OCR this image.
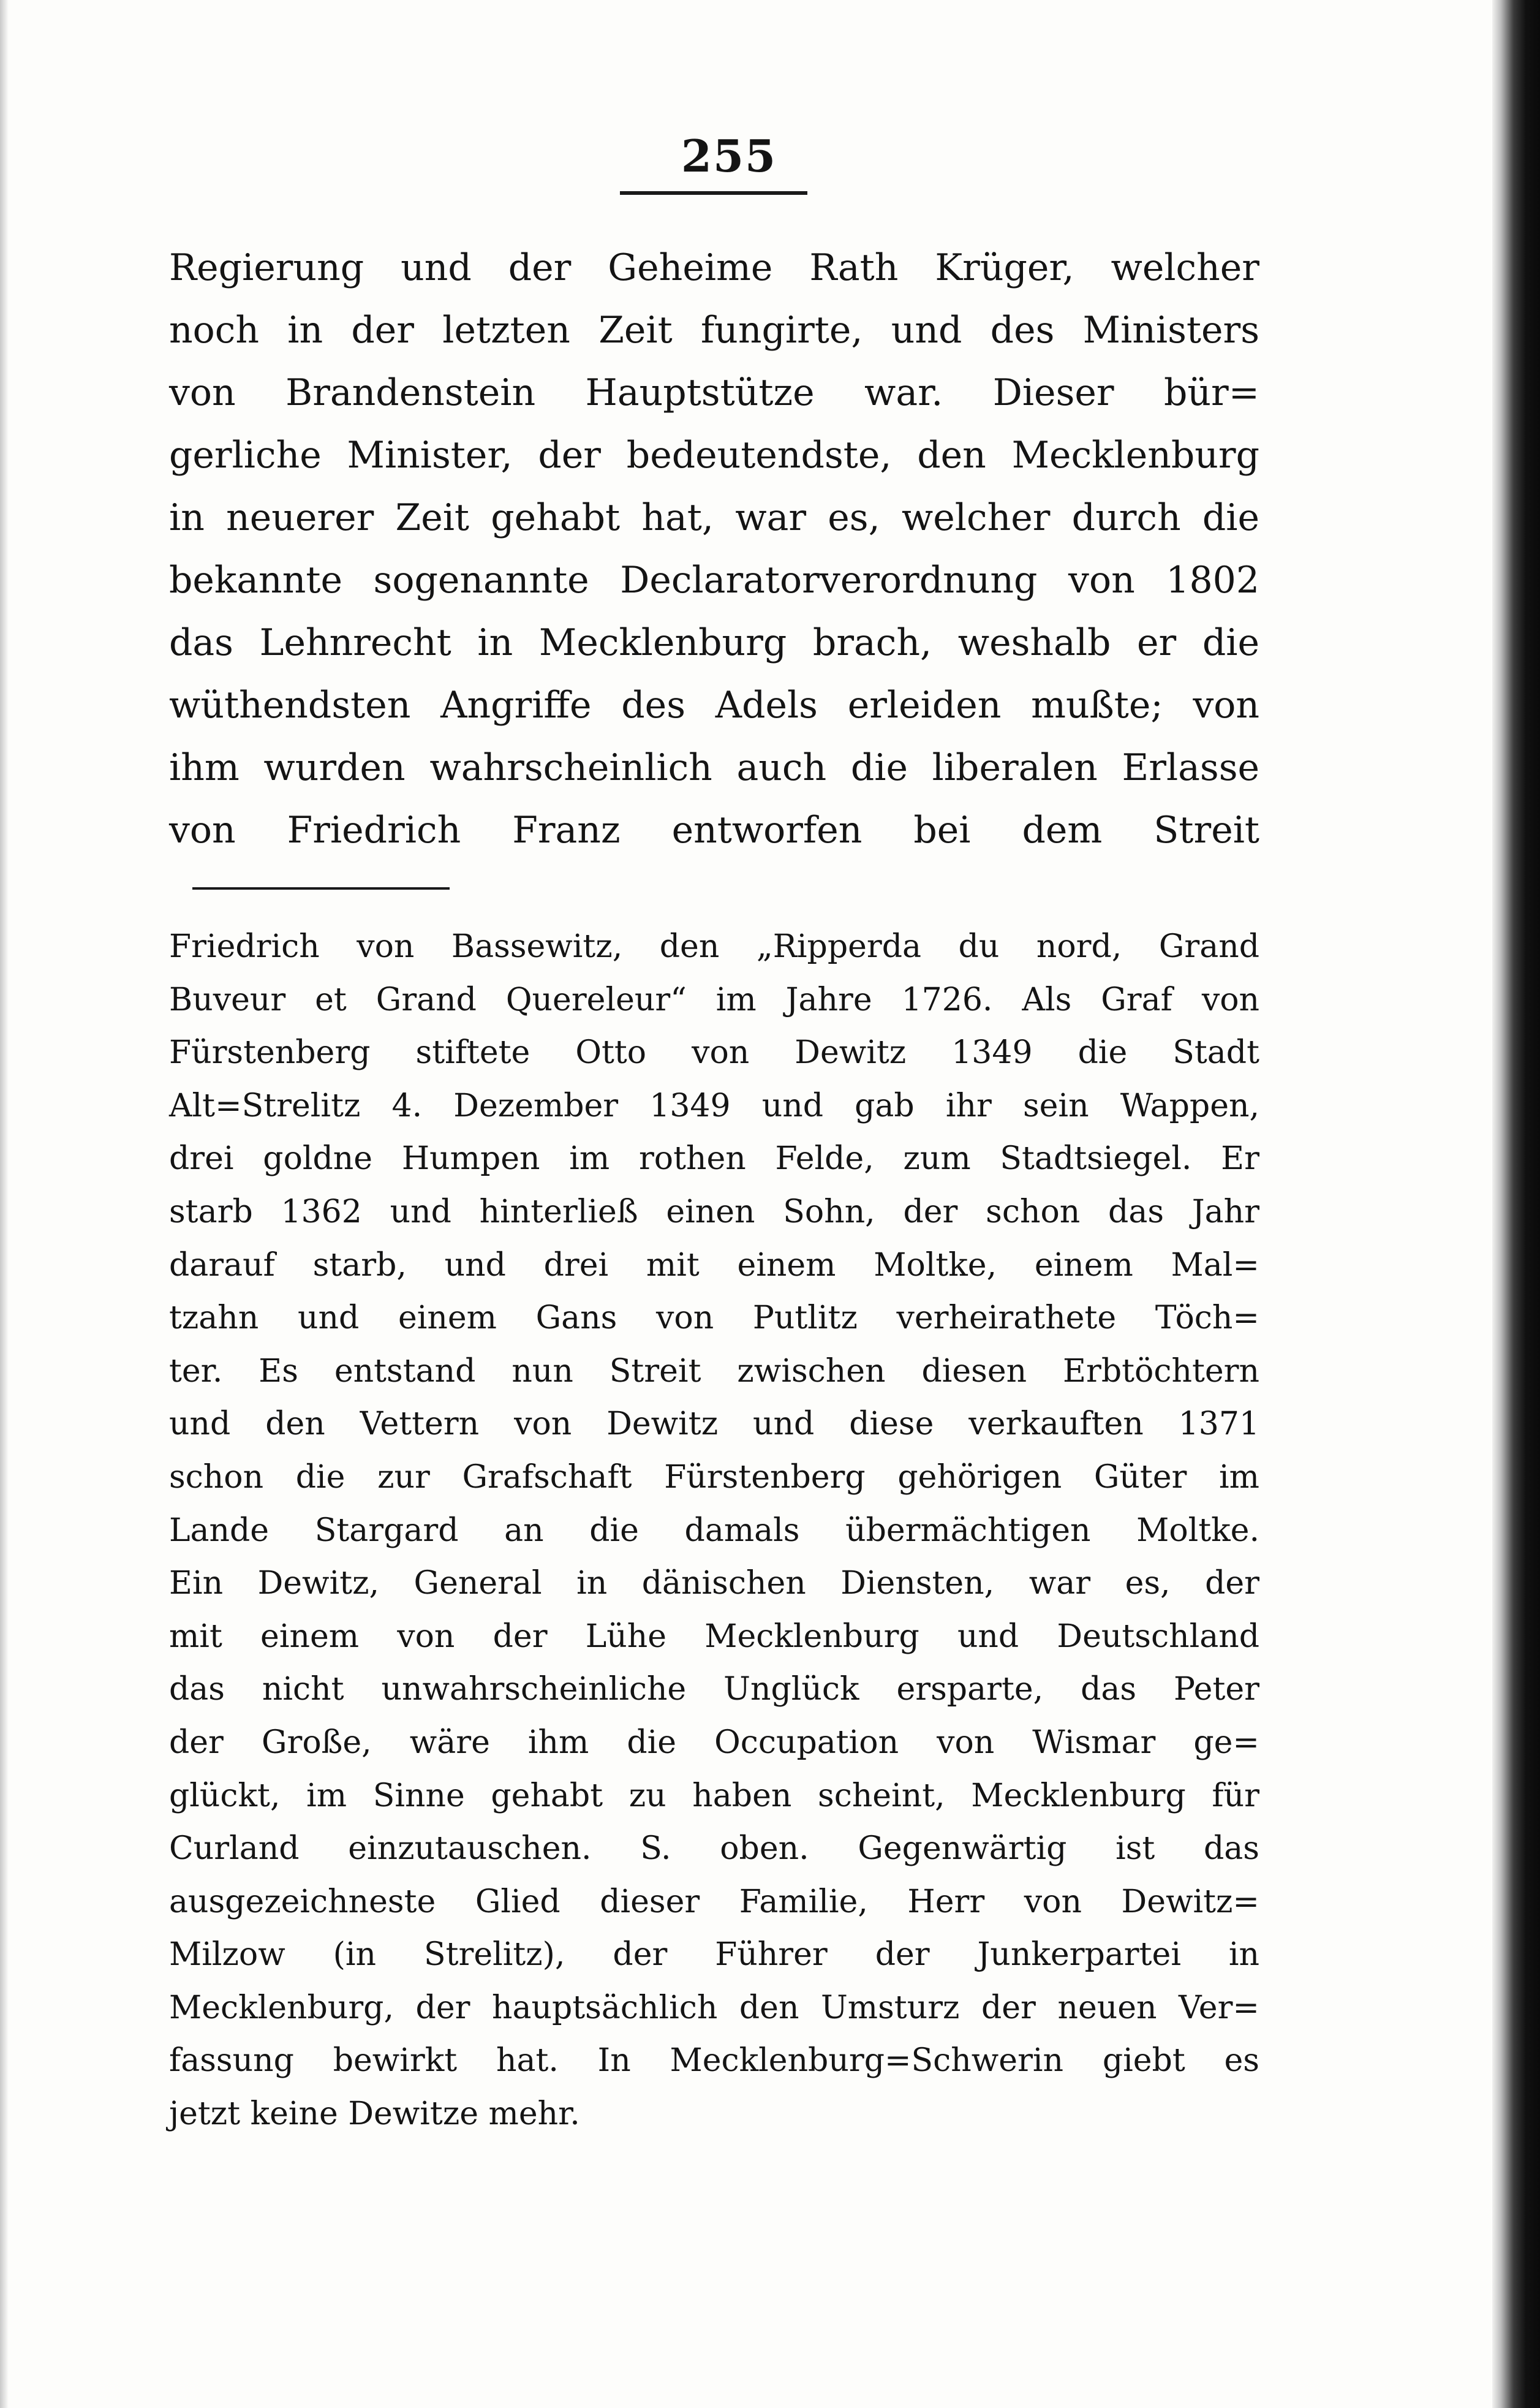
255
Regierung und der Geheime Rath Krüger, welcher
noch in der letzten Zeit fungirte, und des Ministers
von Brandenstein Hauptstütze war. Dieser bür=
gerliche Minister, der bedeutendste, den Mecklenburg
in neuerer Zeit gehabt hat, war es, welcher durch die
bekannte sogenannte Declaratorverordnung von 1802
das Lehnrecht in Mecklenburg brach, weshalb er die
wüthendsten Angriffe des Adels erleiden mußte; von
ihm wurden wahrscheinlich auch die liberalen Erlasse
von Friedrich Franz entworfen bei dem Streit
Friedrich von Bassewitz, den „Ripperda du nord, Grand
Buveur et Grand Quereleur“ im Jahre 1726. Als Graf von
Fürstenberg stiftete Otto von Dewitz 1349 die Stadt
Alt=Strelitz 4. Dezember 1349 und gab ihr sein Wappen,
drei goldne Humpen im rothen Felde, zum Stadtsiegel. Er
starb 1362 und hinterließ einen Sohn, der schon das Jahr
darauf starb, und drei mit einem Moltke, einem Mal=
tzahn und einem Gans von Putlitz verheirathete Töch=
ter. Es entstand nun Streit zwischen diesen Erbtöchtern
und den Vettern von Dewitz und diese verkauften 1371
schon die zur Grafschaft Fürstenberg gehörigen Güter im
Lande Stargard an die damals übermächtigen Moltke.
Ein Dewitz, General in dänischen Diensten, war es, der
mit einem von der Lühe Mecklenburg und Deutschland
das nicht unwahrscheinliche Unglück ersparte, das Peter
der Große, wäre ihm die Occupation von Wismar ge=
glückt, im Sinne gehabt zu haben scheint, Mecklenburg für
Curland einzutauschen. S. oben. Gegenwärtig ist das
ausgezeichneste Glied dieser Familie, Herr von Dewitz=
Milzow (in Strelitz), der Führer der Junkerpartei in
Mecklenburg, der hauptsächlich den Umsturz der neuen Ver=
fassung bewirkt hat. In Mecklenburg=Schwerin giebt es
jetzt keine Dewitze mehr.
